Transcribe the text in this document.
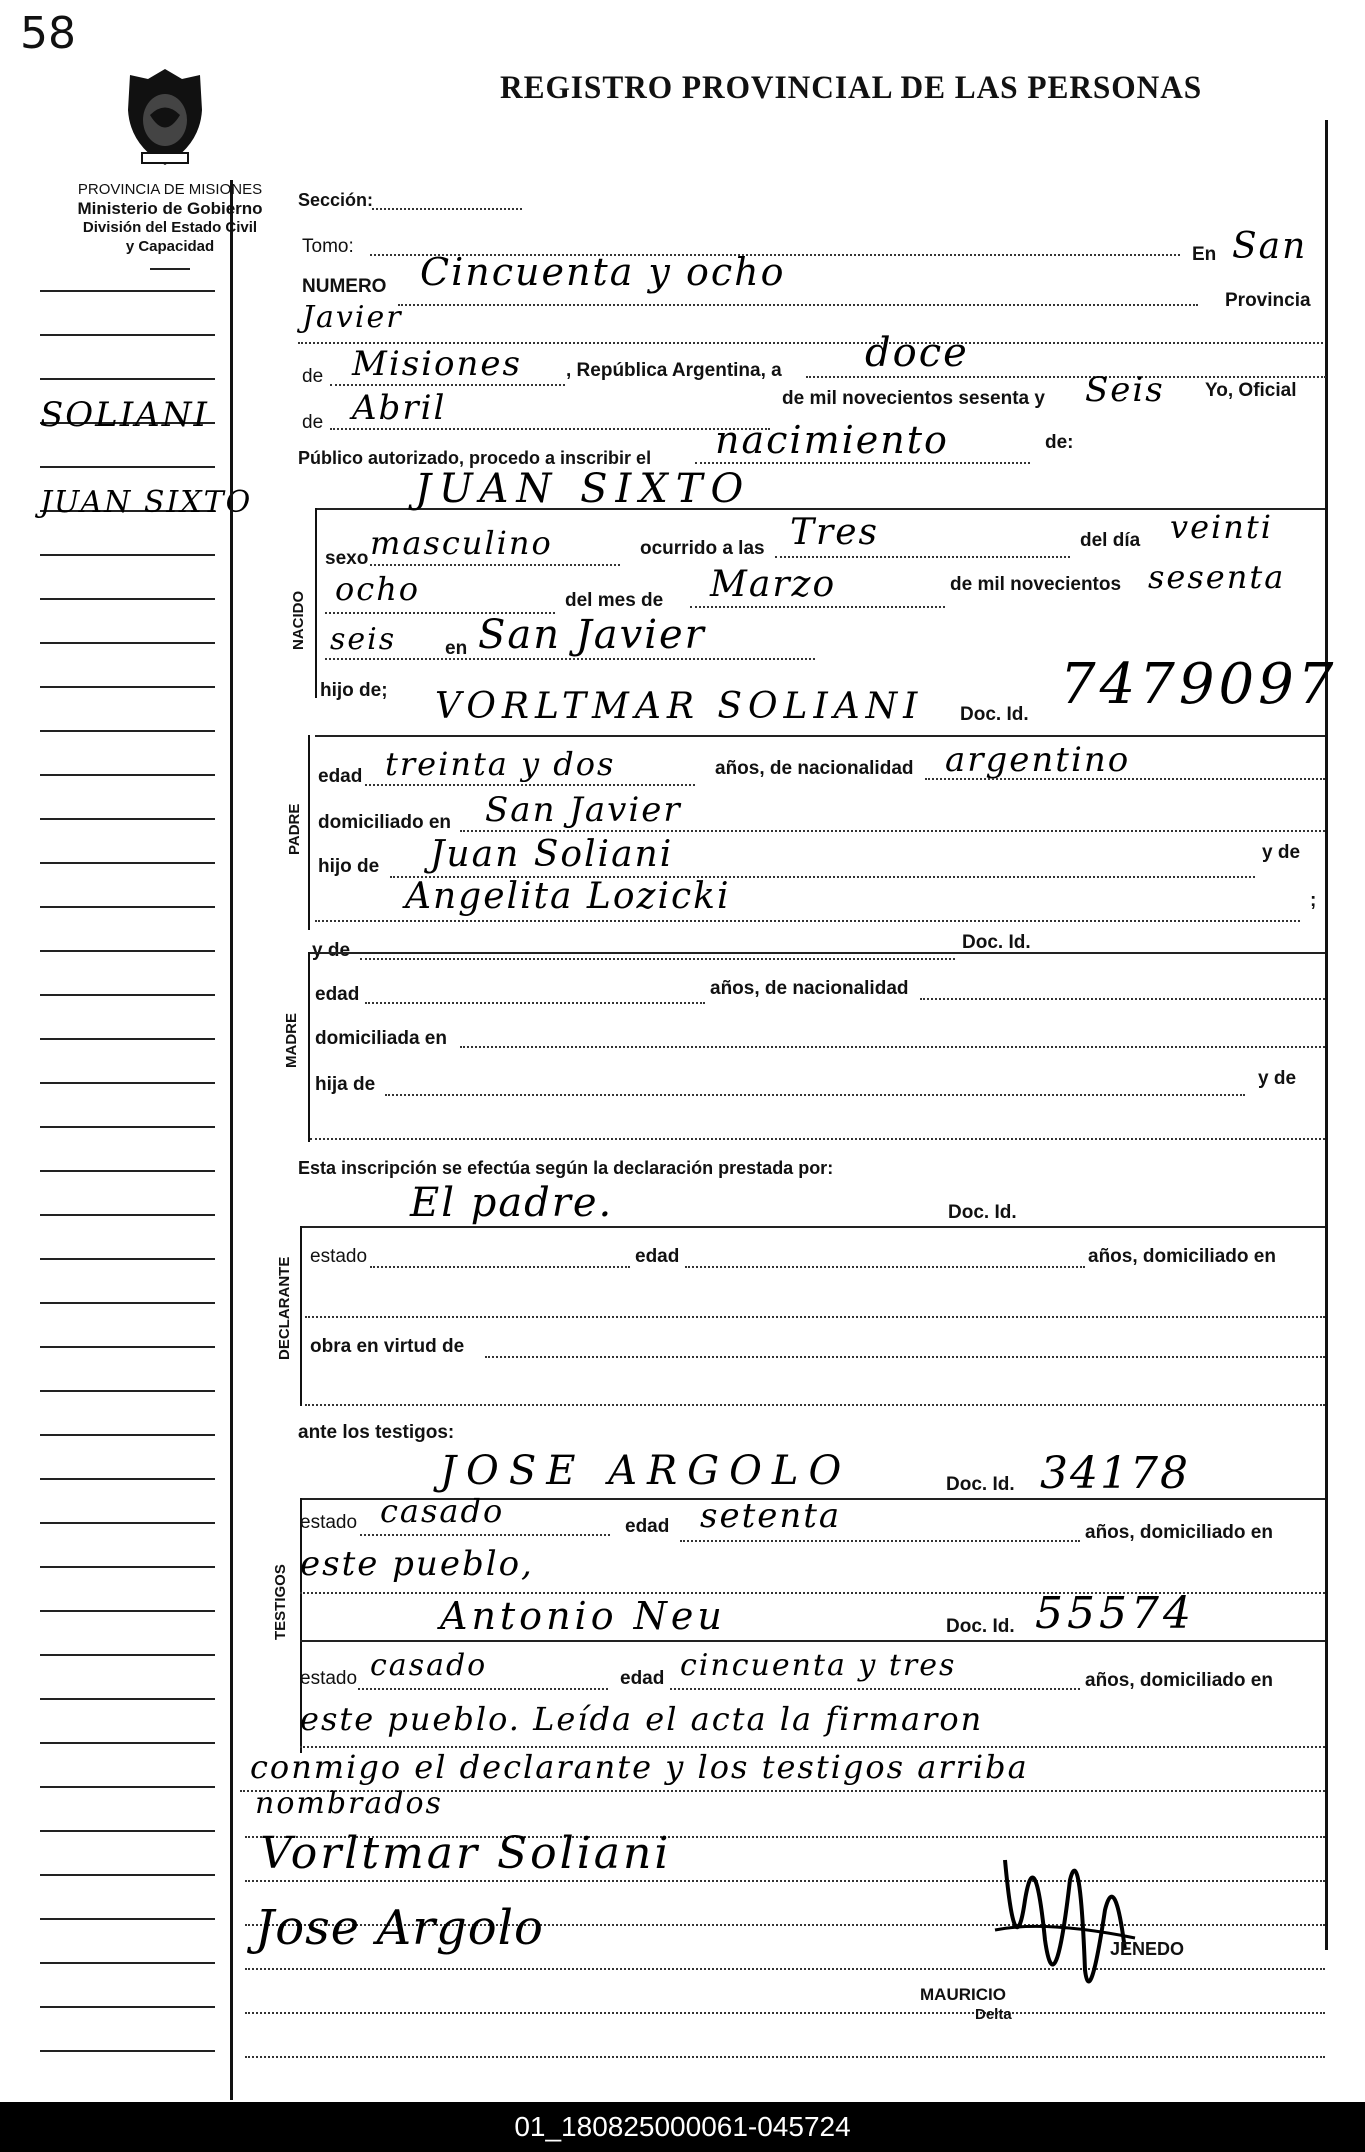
58
REGISTRO PROVINCIAL DE LAS PERSONAS
PROVINCIA DE MISIONES
Ministerio de Gobierno
División del Estado Civil
y Capacidad
SOLIANI
JUAN SIXTO
Sección:
Tomo:	En San
NUMERO Cincuenta y ocho
Provincia
Javier
de Misiones , República Argentina, a doce
de Abril	de mil novecientos sesenta y Seis Yo, Oficial
Público autorizado, procedo a inscribir el nacimiento	de:
JUAN SIXTO
NACIDO
sexo masculino	ocurrido a las Tres	del día veinti
ocho	del mes de Marzo	de mil novecientos sesenta
seis	en San Javier
hijo de; VORLTMAR SOLIANI Doc. Id. 7479097
PADRE
edad treinta y dos	años, de nacionalidad argentino
domiciliado en San Javier
hijo de Juan Soliani	y de
Angelita Lozicki	;
y de	Doc. Id.
MADRE
edad	años, de nacionalidad
domiciliada en
hija de	y de
Esta inscripción se efectúa según la declaración prestada por:
El padre.	Doc. Id.
DECLARANTE
estado	edad	años, domiciliado en
obra en virtud de
ante los testigos:
JOSE ARGOLO	Doc. Id. 34178
TESTIGOS
estado casado	edad setenta	años, domiciliado en
este pueblo,
Antonio Neu	Doc. Id. 55574
estado casado	edad cincuenta y tres	años, domiciliado en
este pueblo. Leída el acta la firmaron
conmigo el declarante y los testigos arriba
nombrados
Vorltmar Soliani
Jose Argolo
MAURICIO
Delta
JENEDO
01_180825000061-045724
